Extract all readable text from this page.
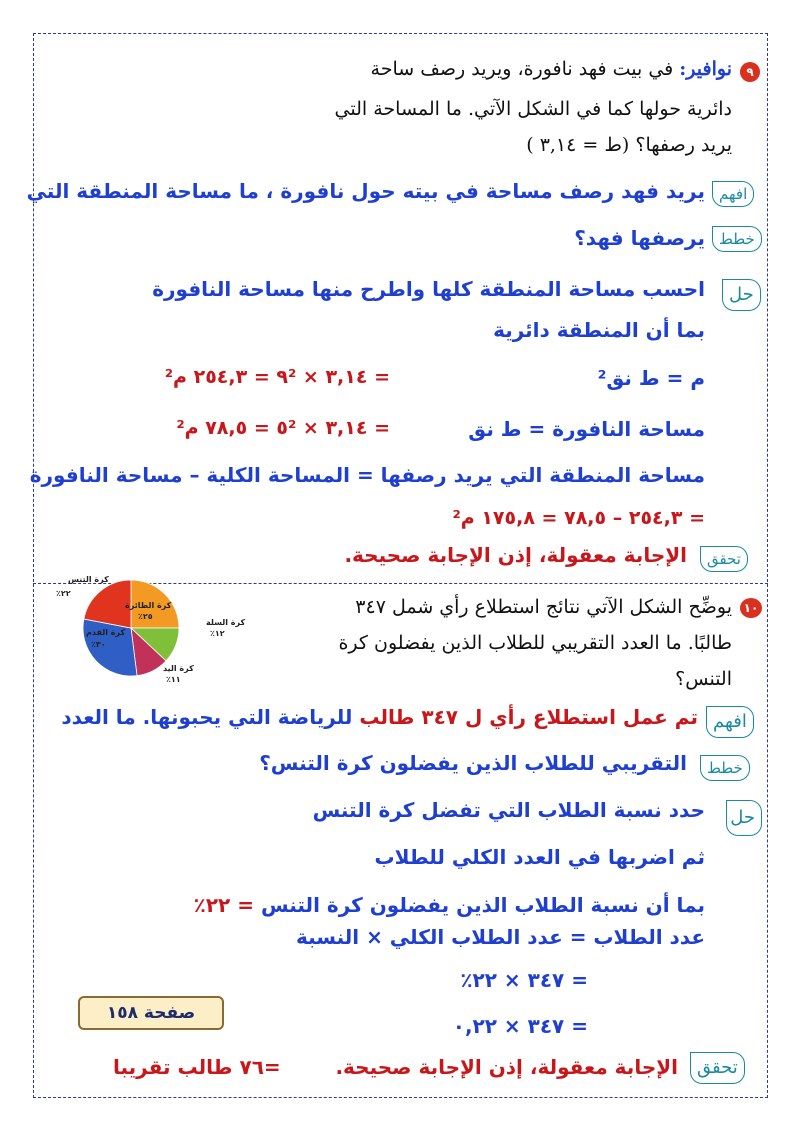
٩
نوافير: في بيت فهد نافورة، ويريد رصف ساحة
دائرية حولها كما في الشكل الآتي. ما المساحة التي
يريد رصفها؟ (ط = ٣,١٤ )
افهم
يريد فهد رصف مساحة في بيته حول نافورة ، ما مساحة المنطقة التي
خطط
يرصفها فهد؟
حل
احسب مساحة المنطقة كلها واطرح منها مساحة النافورة
بما أن المنطقة دائرية
م = ط نق²
= ٣,١٤ × ٩² = ٢٥٤,٣ م²
مساحة النافورة = ط نق
= ٣,١٤ × ٥² = ٧٨,٥ م²
مساحة المنطقة التي يريد رصفها = المساحة الكلية – مساحة النافورة
= ٢٥٤,٣ – ٧٨,٥ = ١٧٥,٨ م²
تحقق
الإجابة معقولة، إذن الإجابة صحيحة.
كرة التنس
٢٢٪
كرة الطائرة
٢٥٪
كرة السلة
١٢٪
كرة القدم
٣٠٪
كرة اليد
١١٪
١٠
يوضِّح الشكل الآتي نتائج استطلاع رأي شمل ٣٤٧
طالبًا. ما العدد التقريبي للطلاب الذين يفضلون كرة
التنس؟
افهم
تم عمل استطلاع رأي ل ٣٤٧ طالب للرياضة التي يحبونها. ما العدد
خطط
التقريبي للطلاب الذين يفضلون كرة التنس؟
حل
حدد نسبة الطلاب التي تفضل كرة التنس
ثم اضربها في العدد الكلي للطلاب
بما أن نسبة الطلاب الذين يفضلون كرة التنس = ٢٢٪
عدد الطلاب = عدد الطلاب الكلي × النسبة
= ٣٤٧ × ٢٢٪
= ٣٤٧ × ٠,٢٢
صفحة ١٥٨
تحقق
الإجابة معقولة، إذن الإجابة صحيحة.
=٧٦ طالب تقريبا
